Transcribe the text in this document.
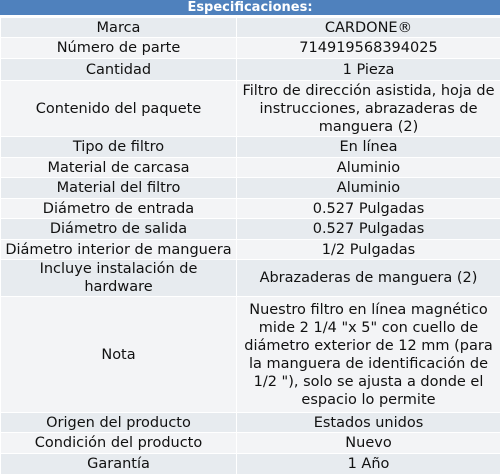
Especificaciones:
Marca	CARDONE®
Número de parte	714919568394025
Cantidad	1 Pieza
Contenido del paquete	Filtro de dirección asistida, hoja de instrucciones, abrazaderas de manguera (2)
Tipo de filtro	En línea
Material de carcasa	Aluminio
Material del filtro	Aluminio
Diámetro de entrada	0.527 Pulgadas
Diámetro de salida	0.527 Pulgadas
Diámetro interior de manguera	1/2 Pulgadas
Incluye instalación de hardware	Abrazaderas de manguera (2)
Nota	Nuestro filtro en línea magnético mide 2 1/4 "x 5" con cuello de diámetro exterior de 12 mm (para la manguera de identificación de 1/2 "), solo se ajusta a donde el espacio lo permite
Origen del producto	Estados unidos
Condición del producto	Nuevo
Garantía	1 Año
